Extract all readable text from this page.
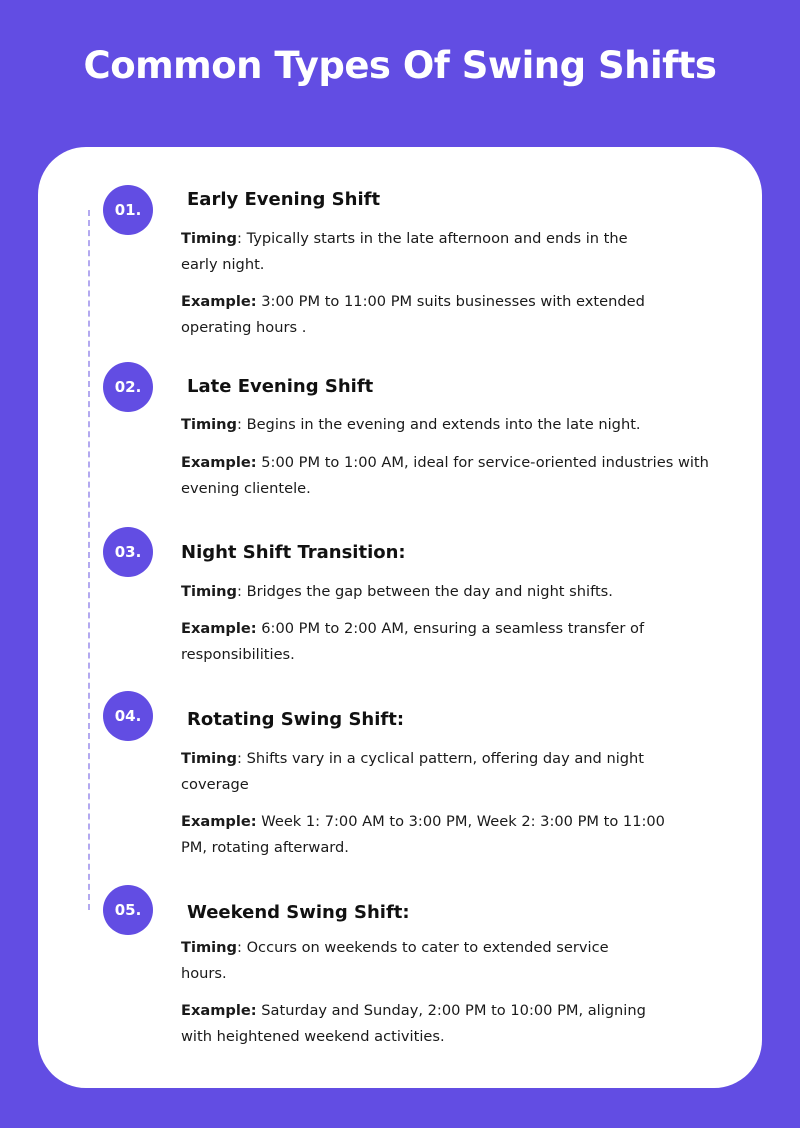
Common Types Of Swing Shifts
01.	Early Evening Shift

Timing: Typically starts in the late afternoon and ends in the early night.

Example: 3:00 PM to 11:00 PM suits businesses with extended operating hours .

02.	Late Evening Shift

Timing: Begins in the evening and extends into the late night.

Example: 5:00 PM to 1:00 AM, ideal for service-oriented industries with evening clientele.

03.	Night Shift Transition:

Timing: Bridges the gap between the day and night shifts.

Example: 6:00 PM to 2:00 AM, ensuring a seamless transfer of responsibilities.

04.	Rotating Swing Shift:

Timing: Shifts vary in a cyclical pattern, offering day and night coverage

Example: Week 1: 7:00 AM to 3:00 PM, Week 2: 3:00 PM to 11:00 PM, rotating afterward.

05.	Weekend Swing Shift:

Timing: Occurs on weekends to cater to extended service hours.

Example: Saturday and Sunday, 2:00 PM to 10:00 PM, aligning with heightened weekend activities.
